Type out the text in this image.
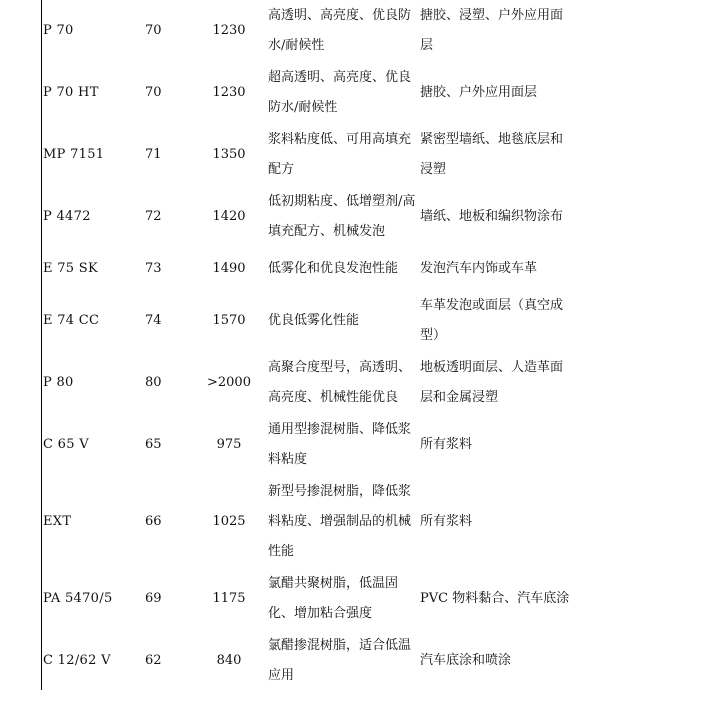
P 70	70	1230	高透明、高亮度、优良防水/耐候性	搪胶、浸塑、户外应用面层
P 70 HT	70	1230	超高透明、高亮度、优良防水/耐候性	搪胶、户外应用面层
MP 7151	71	1350	浆料粘度低、可用高填充配方	紧密型墙纸、地毯底层和浸塑
P 4472	72	1420	低初期粘度、低增塑剂/高填充配方、机械发泡	墙纸、地板和编织物涂布
E 75 SK	73	1490	低雾化和优良发泡性能	发泡汽车内饰或车革
E 74 CC	74	1570	优良低雾化性能	车革发泡或面层（真空成型）
P 80	80	>2000	高聚合度型号，高透明、高亮度、机械性能优良	地板透明面层、人造革面层和金属浸塑
C 65 V	65	975	通用型掺混树脂、降低浆料粘度	所有浆料
EXT	66	1025	新型号掺混树脂，降低浆料粘度、增强制品的机械性能	所有浆料
PA 5470/5	69	1175	氯醋共聚树脂，低温固化、增加粘合强度	PVC 物料黏合、汽车底涂
C 12/62 V	62	840	氯醋掺混树脂，适合低温应用	汽车底涂和喷涂
